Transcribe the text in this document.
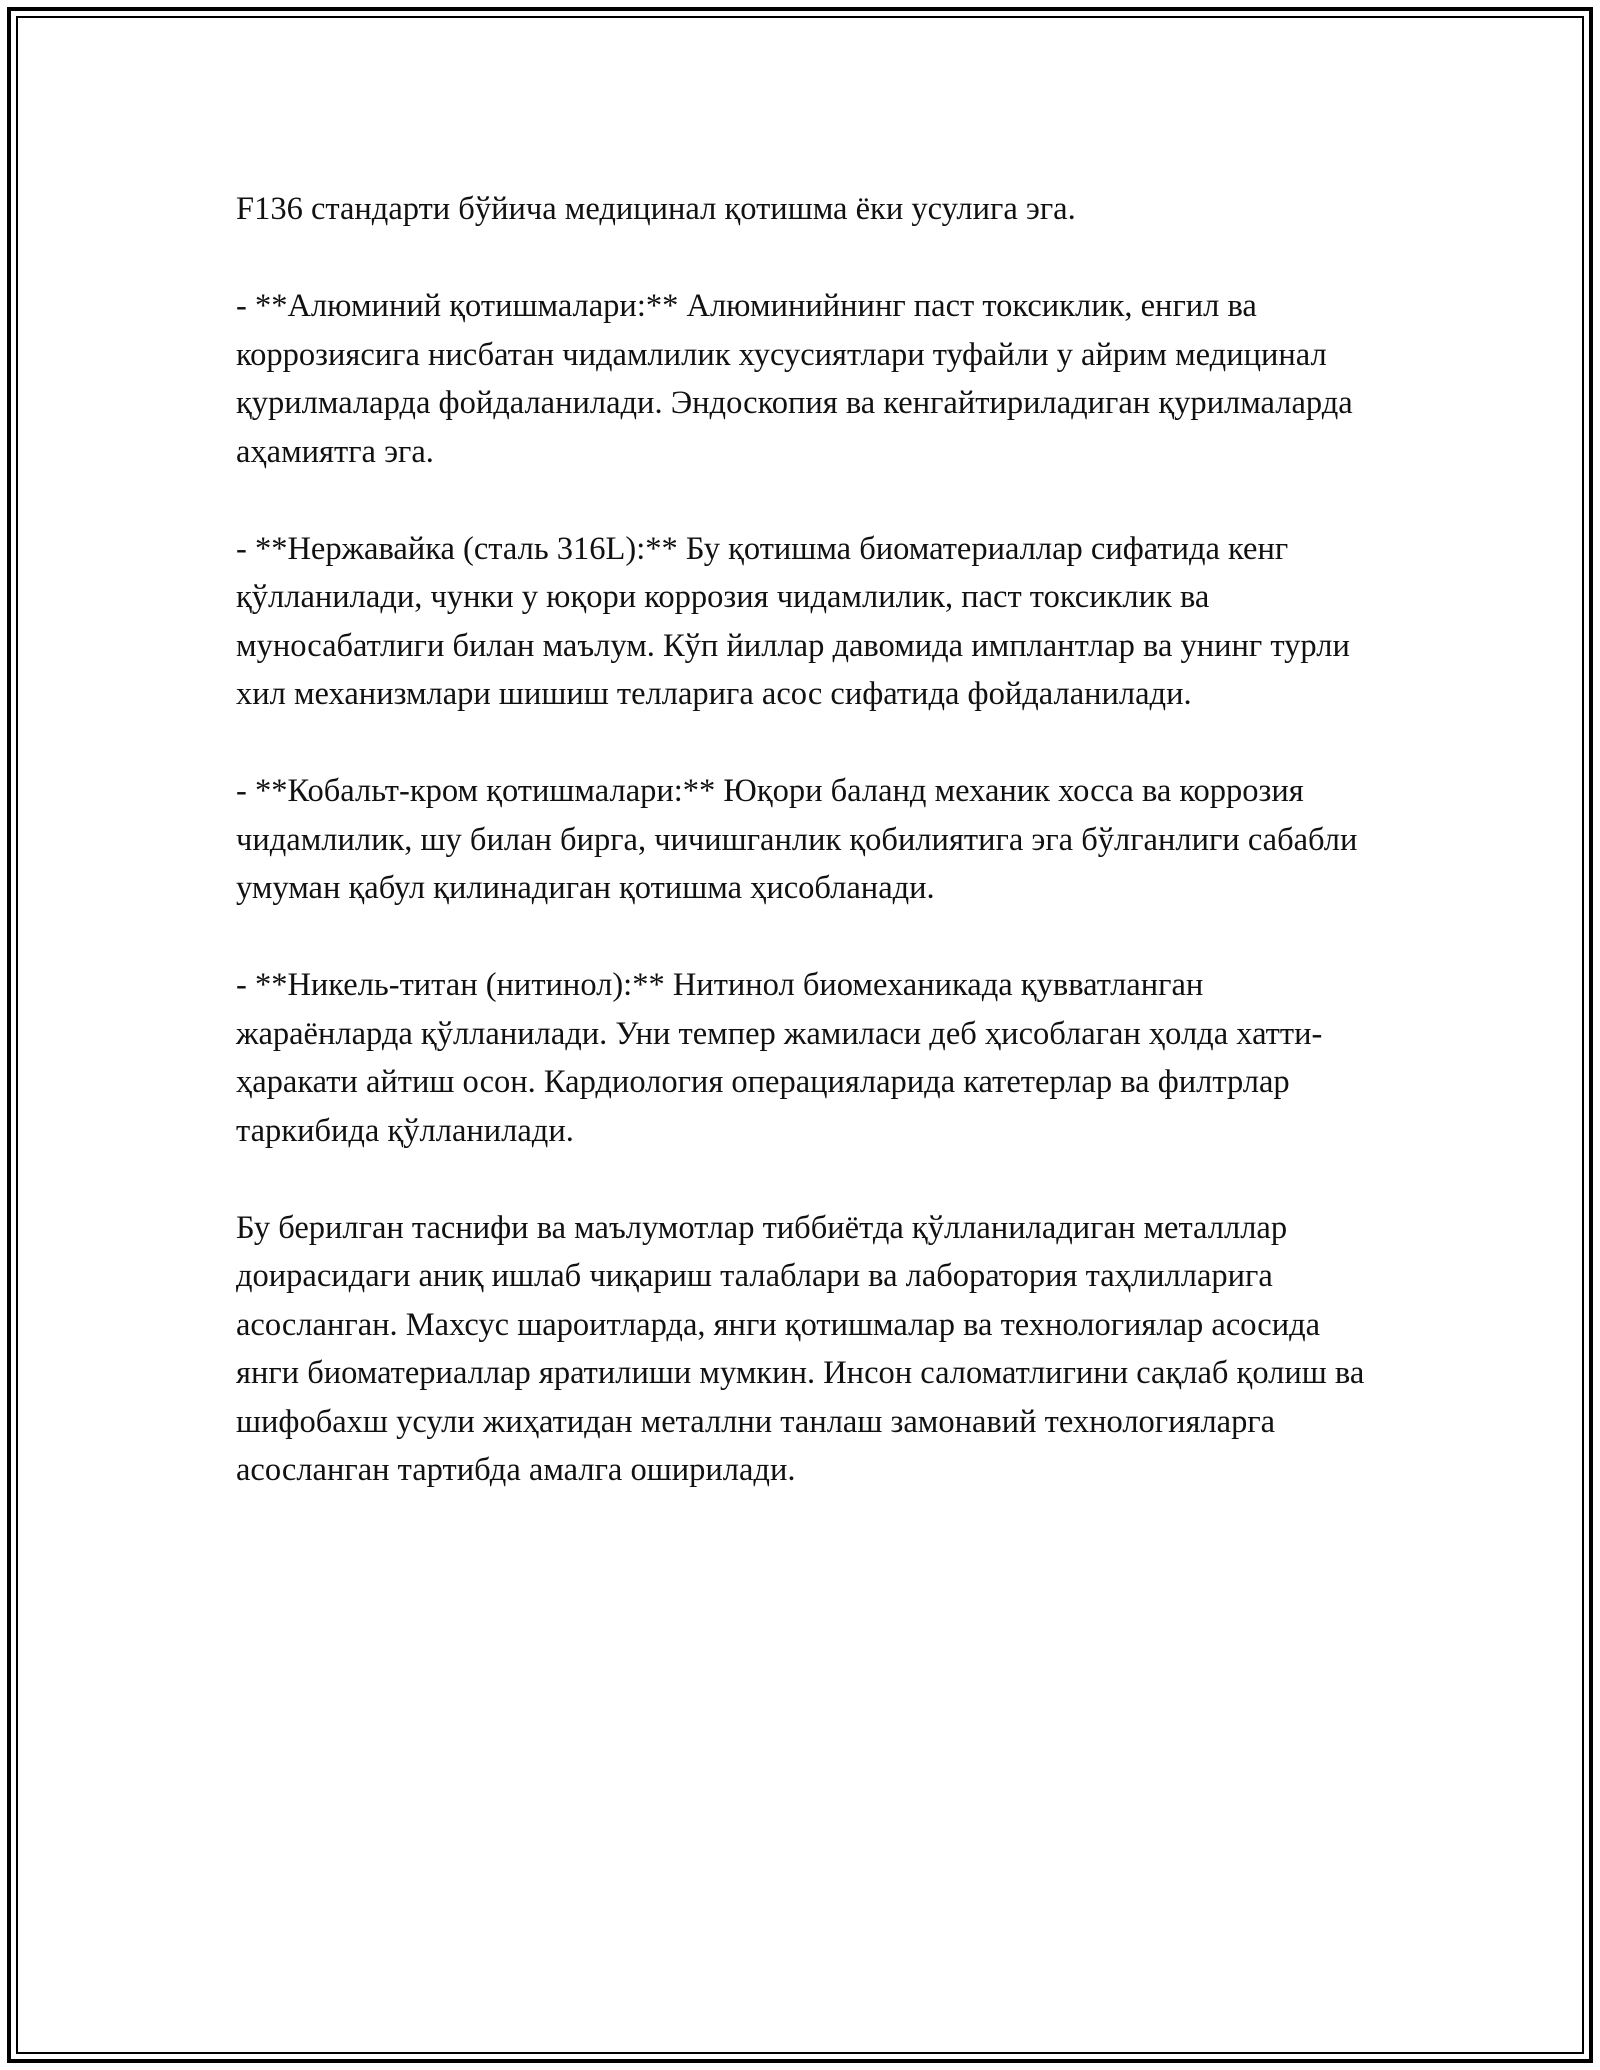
F136 стандарти бўйича медицинал қотишма ёки усулига эга.

- **Алюминий қотишмалари:** Алюминийнинг паст токсиклик, енгил ва коррозиясига нисбатан чидамлилик хусусиятлари туфайли у айрим медицинал қурилмаларда фойдаланилади. Эндоскопия ва кенгайтириладиган қурилмаларда аҳамиятга эга.

- **Нержавайка (сталь 316L):** Бу қотишма биоматериаллар сифатида кенг қўлланилади, чунки у юқори коррозия чидамлилик, паст токсиклик ва муносабатлиги билан маълум. Кўп йиллар давомида имплантлар ва унинг турли хил механизмлари шишиш телларига асос сифатида фойдаланилади.

- **Кобальт-кром қотишмалари:** Юқори баланд механик хосса ва коррозия чидамлилик, шу билан бирга, чичишганлик қобилиятига эга бўлганлиги сабабли умуман қабул қилинадиган қотишма ҳисобланади.

- **Никель-титан (нитинол):** Нитинол биомеханикада қувватланган жараёнларда қўлланилади. Уни темпер жамиласи деб ҳисоблаган ҳолда хатти-ҳаракати айтиш осон. Кардиология операцияларида катетерлар ва филтрлар таркибида қўлланилади.

Бу берилган таснифи ва маълумотлар тиббиётда қўлланиладиган металллар доирасидаги аниқ ишлаб чиқариш талаблари ва лаборатория таҳлилларига асосланган. Махсус шароитларда, янги қотишмалар ва технологиялар асосида янги биоматериаллар яратилиши мумкин. Инсон саломатлигини сақлаб қолиш ва шифобахш усули жиҳатидан металлни танлаш замонавий технологияларга асосланган тартибда амалга оширилади.
